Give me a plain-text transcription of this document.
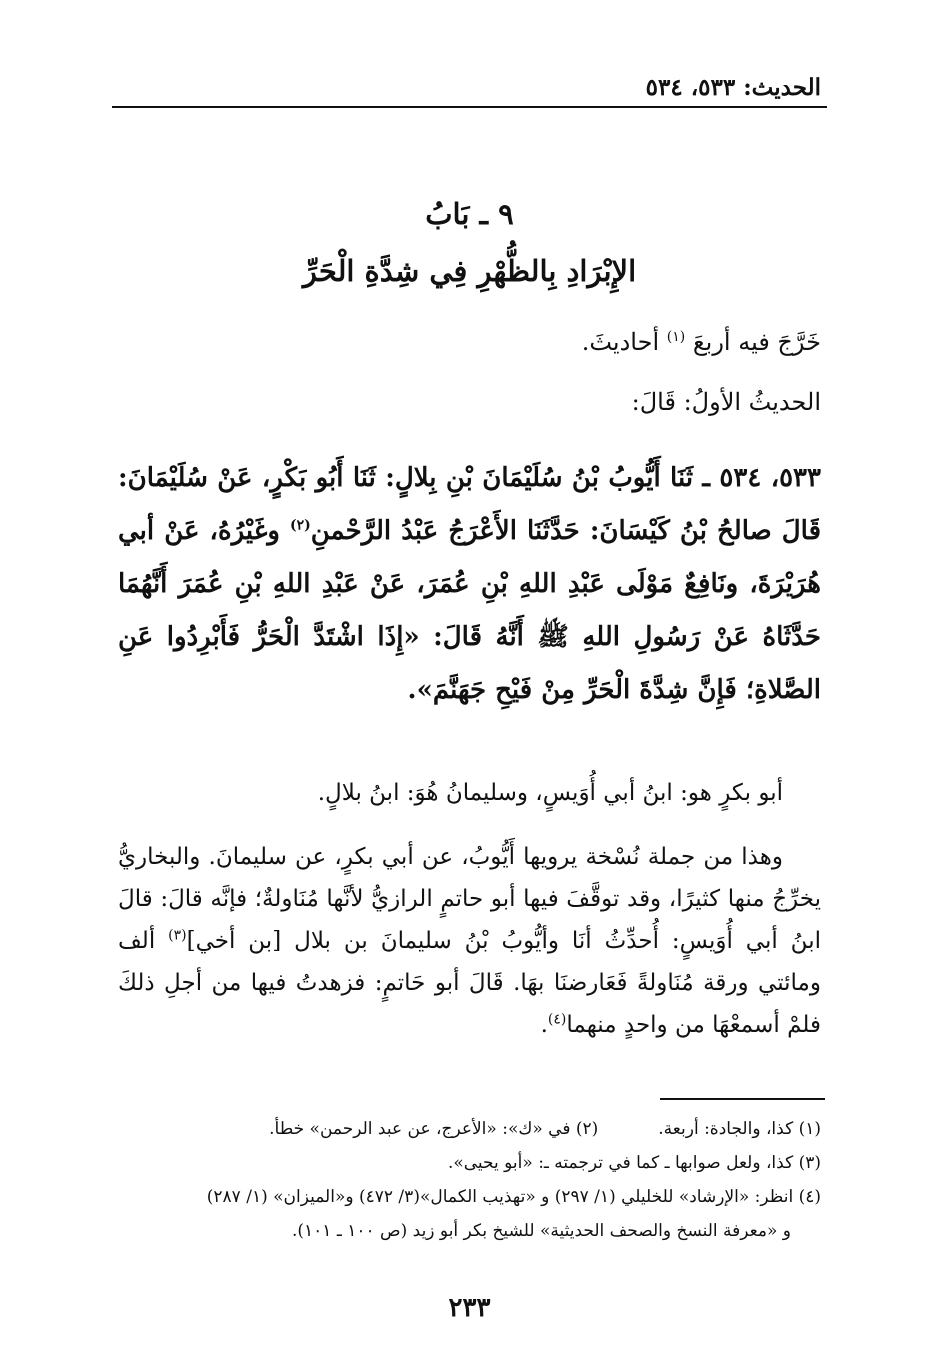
الحديث: ٥٣٣، ٥٣٤
٩ ـ بَابُ
الإِبْرَادِ بِالظُّهْرِ فِي شِدَّةِ الْحَرِّ
خَرَّجَ فيه أربعَ $^{(١)}$ أحاديثَ.
الحديثُ الأولُ: قَالَ:
٥٣٣، ٥٣٤ ـ ثَنَا أَيُّوبُ بْنُ سُلَيْمَانَ بْنِ بِلالٍ: ثَنَا أَبُو بَكْرٍ، عَنْ سُلَيْمَانَ: قَالَ صالحُ بْنُ كَيْسَانَ: حَدَّثَنَا الأَعْرَجُ عَبْدُ الرَّحْمنِ$^{(٢)}$ وغَيْرُهُ، عَنْ أبي هُرَيْرَةَ، ونَافِعٌ مَوْلَى عَبْدِ اللهِ بْنِ عُمَرَ، عَنْ عَبْدِ اللهِ بْنِ عُمَرَ أَنَّهُمَا حَدَّثَاهُ عَنْ رَسُولِ اللهِ ﷺ أَنَّهُ قَالَ: «إِذَا اشْتَدَّ الْحَرُّ فَأَبْرِدُوا عَنِ الصَّلاةِ؛ فَإِنَّ شِدَّةَ الْحَرِّ مِنْ فَيْحِ جَهَنَّمَ».
أبو بكرٍ هو: ابنُ أبي أُوَيسٍ، وسليمانُ هُوَ: ابنُ بلالٍ.
وهذا من جملة نُسْخة يرويها أَيُّوبُ، عن أبي بكرٍ، عن سليمانَ. والبخاريُّ يخرِّجُ منها كثيرًا، وقد توقَّفَ فيها أبو حاتمٍ الرازيُّ لأنَّها مُنَاولةٌ؛ فإنَّه قالَ: قالَ ابنُ أبي أُوَيسٍ: أُحدِّثُ أنَا وأيُّوبُ بْنُ سليمانَ بن بلال [بن أخي]$^{(٣)}$ ألف ومائتي ورقة مُنَاولةً فَعَارضنَا بهَا. قَالَ أبو حَاتمٍ: فزهدتُ فيها من أجلِ ذلكَ فلمْ أسمعْهَا من واحدٍ منهما$^{(٤)}$.
(١) كذا، والجادة: أربعة.
(٢) في «ك»: «الأعرج، عن عبد الرحمن» خطأ.
(٣) كذا، ولعل صوابها ـ كما في ترجمته ـ: «أبو يحيى».
(٤) انظر: «الإرشاد» للخليلي (١/ ٢٩٧) و «تهذيب الكمال»(٣/ ٤٧٢) و«الميزان» (١/ ٢٨٧)
و «معرفة النسخ والصحف الحديثية» للشيخ بكر أبو زيد (ص ١٠٠ ـ ١٠١).
٢٣٣
